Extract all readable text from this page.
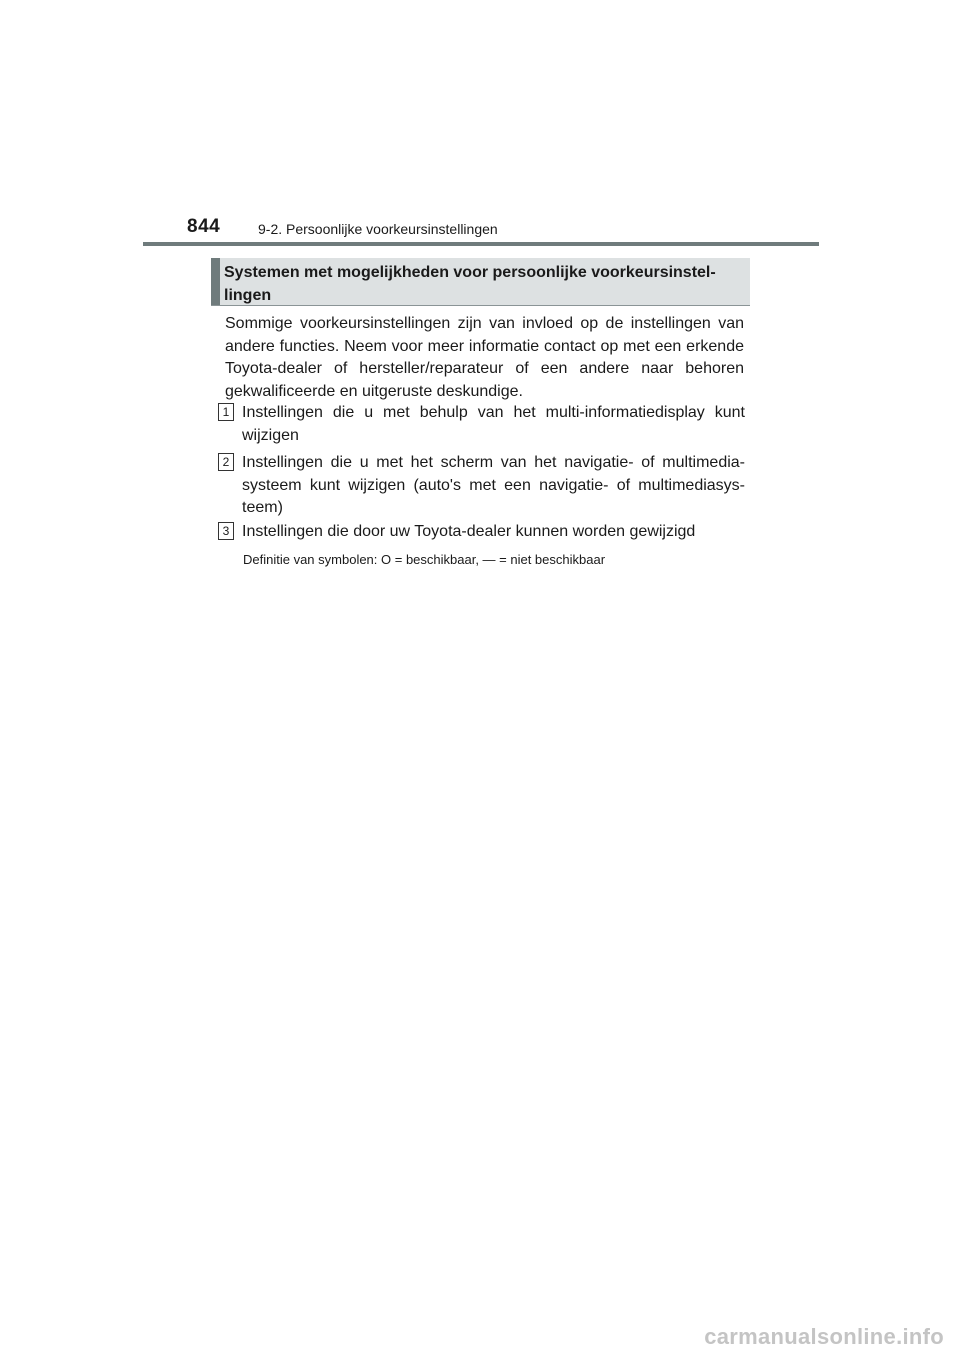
844	9-2. Persoonlijke voorkeursinstellingen
Systemen met mogelijkheden voor persoonlijke voorkeursinstel-lingen

Sommige voorkeursinstellingen zijn van invloed op de instellingen van andere functies. Neem voor meer informatie contact op met een erkende Toyota-dealer of hersteller/reparateur of een andere naar behoren gekwalificeerde en uitgeruste deskundige.

1 Instellingen die u met behulp van het multi-informatiedisplay kunt wijzigen

2 Instellingen die u met het scherm van het navigatie- of multimedia-systeem kunt wijzigen (auto's met een navigatie- of multimediasys-teem)

3 Instellingen die door uw Toyota-dealer kunnen worden gewijzigd

Definitie van symbolen: O = beschikbaar, — = niet beschikbaar
carmanualsonline.info
